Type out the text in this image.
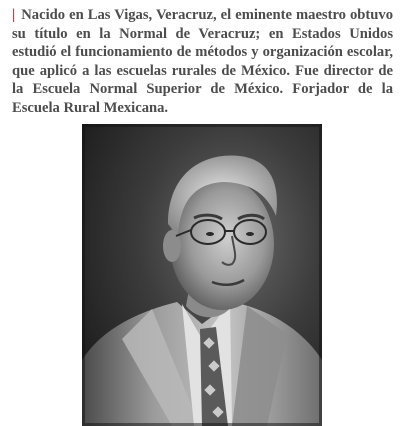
| Nacido en Las Vigas, Veracruz, el eminente maestro obtuvo su título en la Normal de Veracruz; en Estados Unidos estudió el funcionamiento de métodos y organización escolar, que aplicó a las escuelas rurales de México. Fue director de la Escuela Normal Superior de México. Forjador de la Escuela Rural Mexicana.
